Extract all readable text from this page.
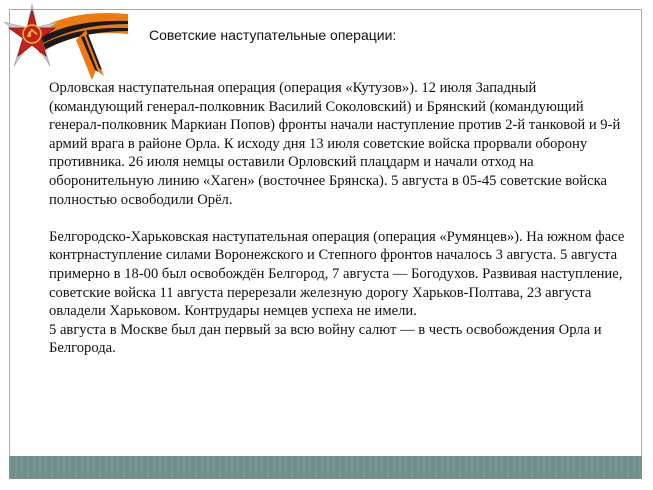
Советские наступательные операции:

Орловская наступательная операция (операция «Кутузов»). 12 июля Западный (командующий генерал-полковник Василий Соколовский) и Брянский (командующий генерал-полковник Маркиан Попов) фронты начали наступление против 2-й танковой и 9-й армий врага в районе Орла. К исходу дня 13 июля советские войска прорвали оборону противника. 26 июля немцы оставили Орловский плацдарм и начали отход на оборонительную линию «Хаген» (восточнее Брянска). 5 августа в 05-45 советские войска полностью освободили Орёл.

Белгородско-Харьковская наступательная операция (операция «Румянцев»). На южном фасе контрнаступление силами Воронежского и Степного фронтов началось 3 августа. 5 августа примерно в 18-00 был освобождён Белгород, 7 августа — Богодухов. Развивая наступление, советские войска 11 августа перерезали железную дорогу Харьков-Полтава, 23 августа овладели Харьковом. Контрудары немцев успеха не имели.

5 августа в Москве был дан первый за всю войну салют — в честь освобождения Орла и Белгорода.
